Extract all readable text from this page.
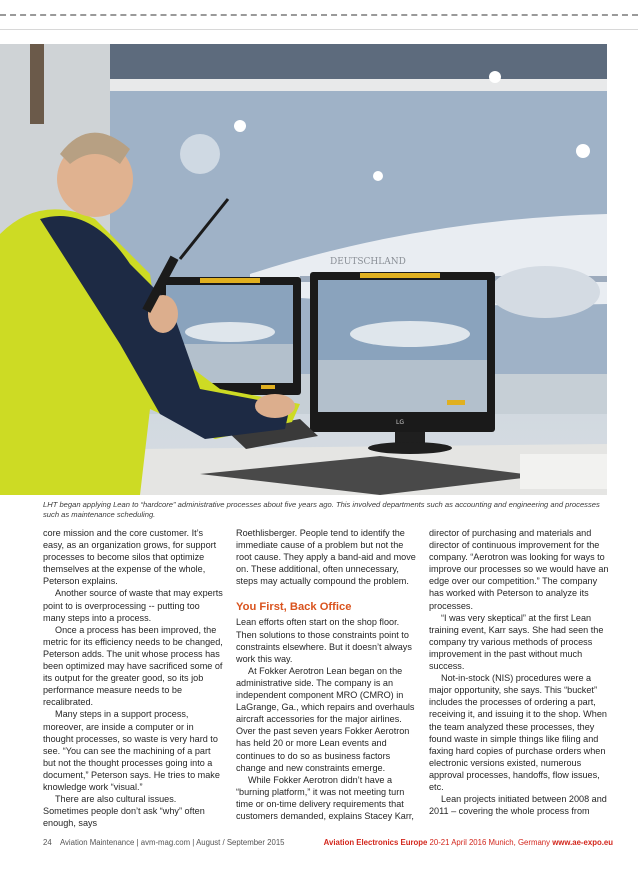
DEUTSCHLAND
LG
LHT began applying Lean to “hardcore” administrative processes about five years ago. This involved departments such as accounting and engineering and processes such as maintenance scheduling.

core mission and the core customer. It’s easy, as an organization grows, for support processes to become silos that optimize themselves at the expense of the whole, Peterson explains.

Another source of waste that may experts point to is overprocessing -- putting too many steps into a process.

Once a process has been improved, the metric for its efficiency needs to be changed, Peterson adds. The unit whose process has been optimized may have sacrificed some of its output for the greater good, so its job performance measure needs to be recalibrated.

Many steps in a support process, moreover, are inside a computer or in thought processes, so waste is very hard to see. “You can see the machining of a part but not the thought processes going into a document,” Peterson says. He tries to make knowledge work “visual.”

There are also cultural issues. Sometimes people don’t ask “why” often enough, says

Roethlisberger. People tend to identify the immediate cause of a problem but not the root cause. They apply a band-aid and move on. These additional, often unnecessary, steps may actually compound the problem.

You First, Back Office

Lean efforts often start on the shop floor. Then solutions to those constraints point to constraints elsewhere. But it doesn’t always work this way.

At Fokker Aerotron Lean began on the administrative side. The company is an independent component MRO (CMRO) in LaGrange, Ga., which repairs and overhauls aircraft accessories for the major airlines. Over the past seven years Fokker Aerotron has held 20 or more Lean events and continues to do so as business factors change and new constraints emerge.

While Fokker Aerotron didn’t have a “burning platform,” it was not meeting turn time or on-time delivery requirements that customers demanded, explains Stacey Karr,

director of purchasing and materials and director of continuous improvement for the company. “Aerotron was looking for ways to improve our processes so we would have an edge over our competition.” The company has worked with Peterson to analyze its processes.

“I was very skeptical” at the first Lean training event, Karr says. She had seen the company try various methods of process improvement in the past without much success.

Not-in-stock (NIS) procedures were a major opportunity, she says. This “bucket” includes the processes of ordering a part, receiving it, and issuing it to the shop. When the team analyzed these processes, they found waste in simple things like filing and faxing hard copies of purchase orders when electronic versions existed, numerous approval processes, handoffs, flow issues, etc.

Lean projects initiated between 2008 and 2011 – covering the whole process from

24 Aviation Maintenance | avm-mag.com | August / September 2015	Aviation Electronics Europe 20-21 April 2016 Munich, Germany www.ae-expo.eu
